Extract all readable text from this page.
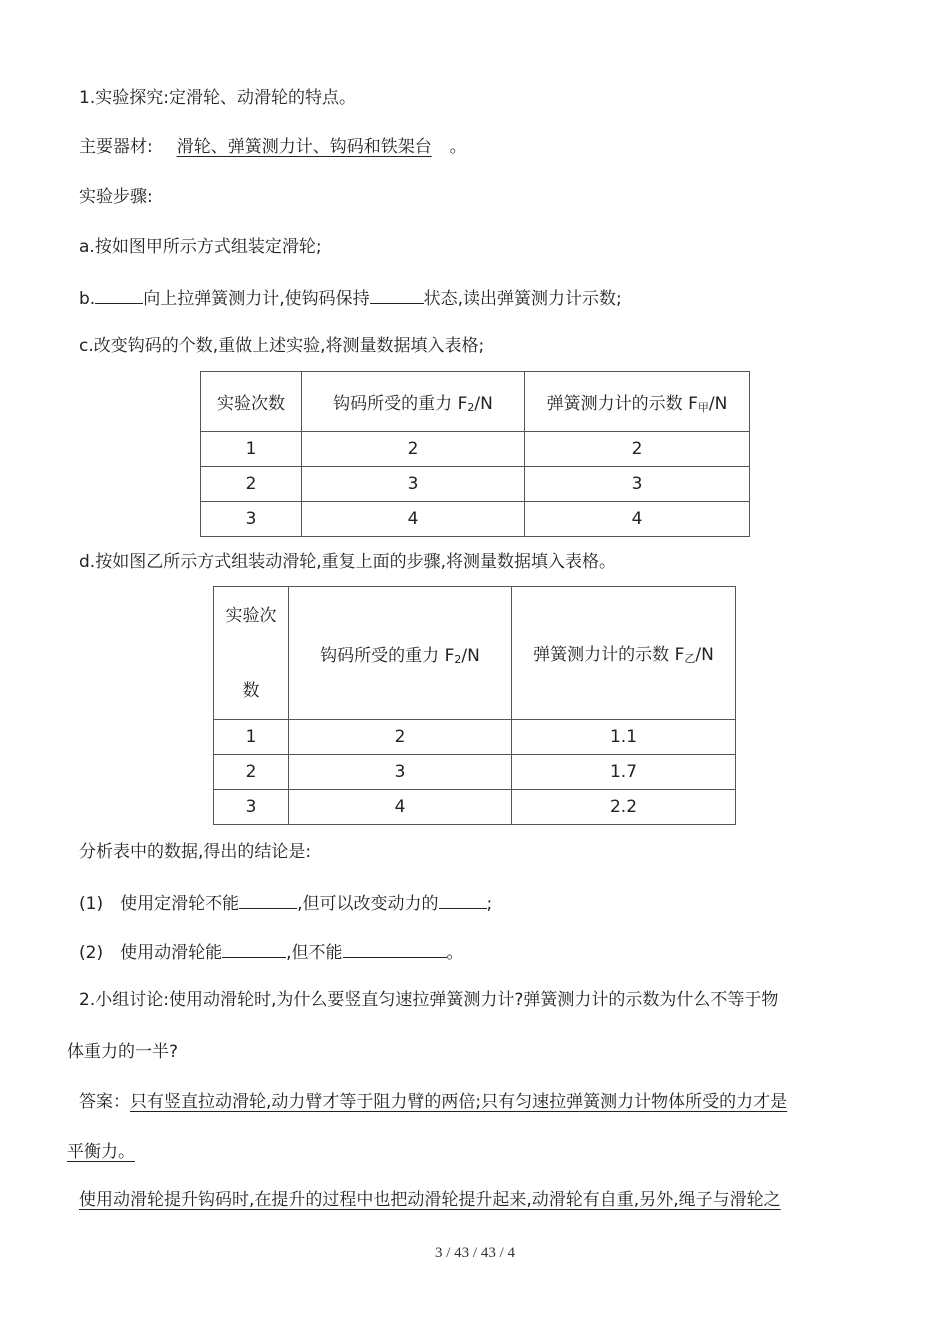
1.实验探究:定滑轮、动滑轮的特点。
主要器材: 滑轮、弹簧测力计、钩码和铁架台 。
实验步骤:
a.按如图甲所示方式组装定滑轮;
b.	向上拉弹簧测力计,使钩码保持	状态,读出弹簧测力计示数;
c.改变钩码的个数,重做上述实验,将测量数据填入表格;
实验次数	钩码所受的重力 $F_2/N$	弹簧测力计的示数 $F_甲/N$
1	2	2
2	3	3
3	4	4
d.按如图乙所示方式组装动滑轮,重复上面的步骤,将测量数据填入表格。
实验次
数	钩码所受的重力 $F_2/N$	弹簧测力计的示数 $F_乙/N$
1	2	1.1
2	3	1.7
3	4	2.2
分析表中的数据,得出的结论是:
(1)　使用定滑轮不能	,但可以改变动力的	;
(2)　使用动滑轮能	,但不能	。
2.小组讨论:使用动滑轮时,为什么要竖直匀速拉弹簧测力计?弹簧测力计的示数为什么不等于物
体重力的一半?
答案：只有竖直拉动滑轮,动力臂才等于阻力臂的两倍;只有匀速拉弹簧测力计物体所受的力才是
平衡力。
使用动滑轮提升钩码时,在提升的过程中也把动滑轮提升起来,动滑轮有自重,另外,绳子与滑轮之
3 / 43 / 43 / 4
